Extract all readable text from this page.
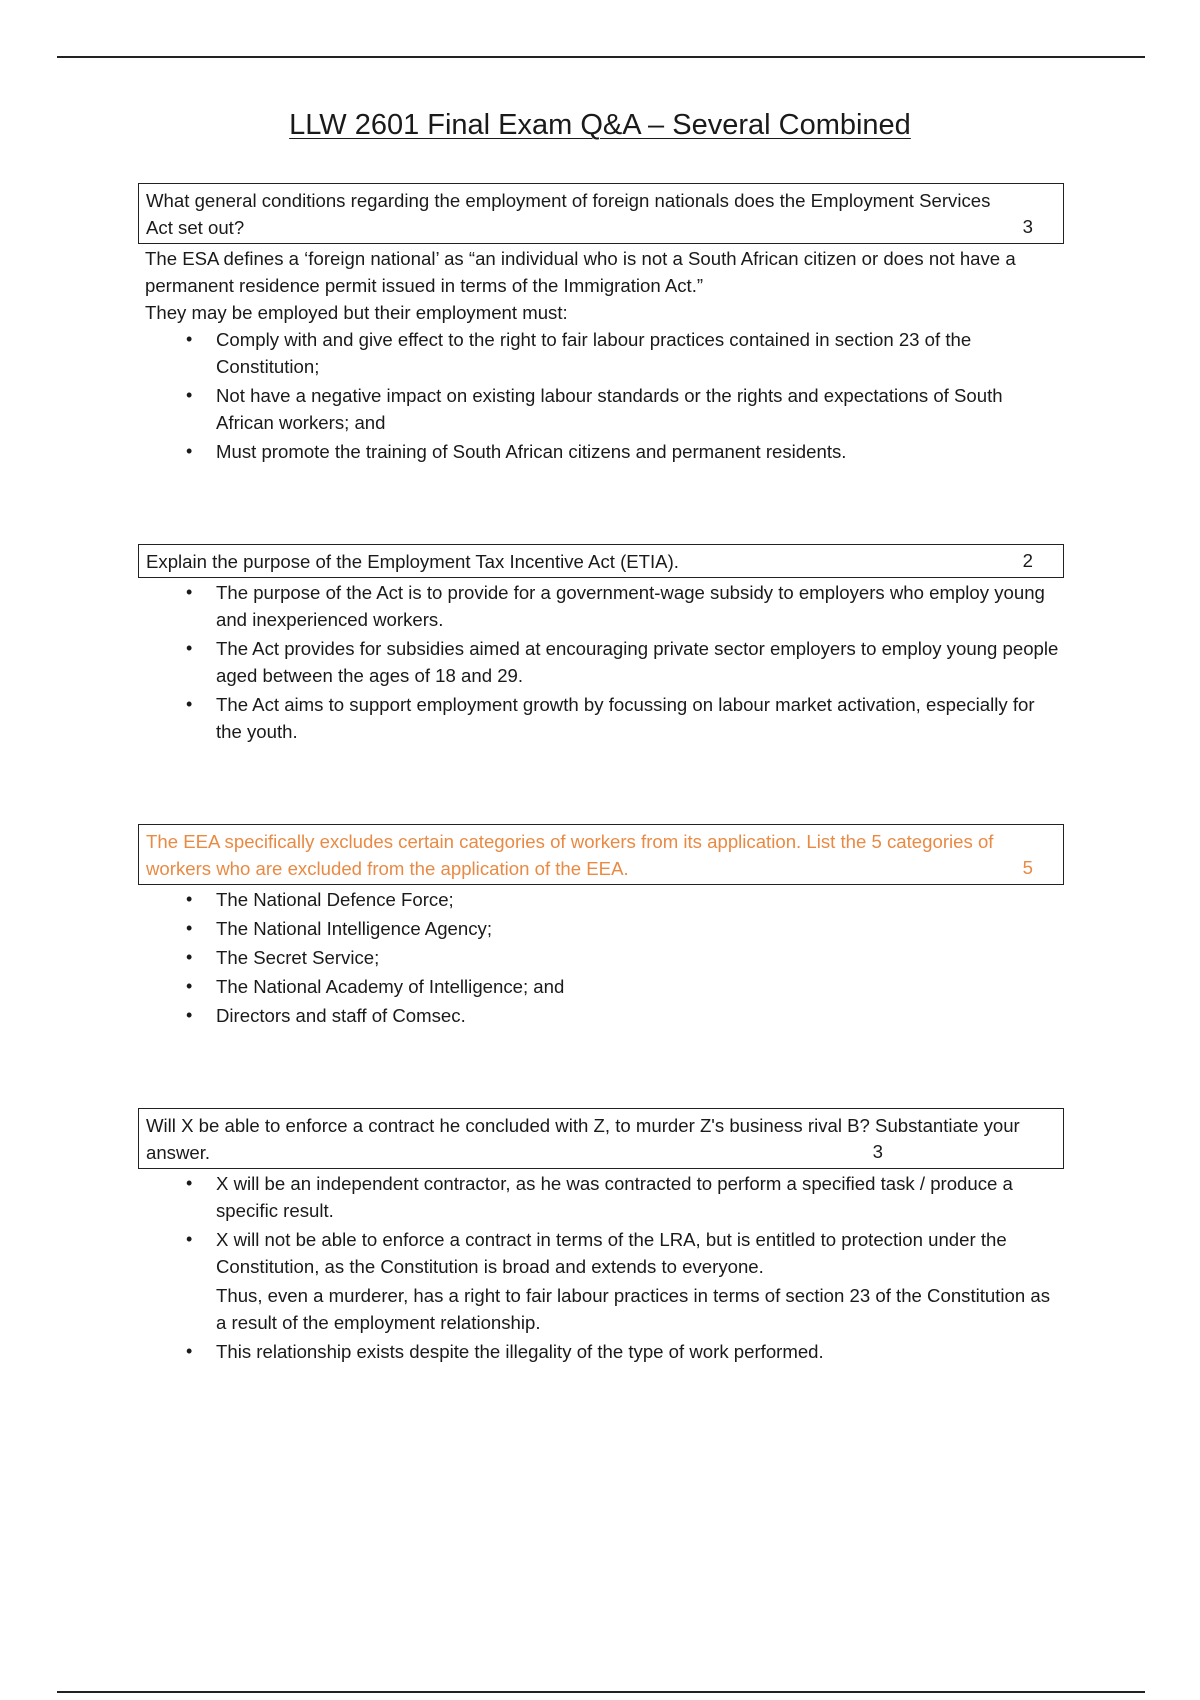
LLW 2601 Final Exam Q&A – Several Combined
What general conditions regarding the employment of foreign nationals does the Employment Services Act set out?	3

The ESA defines a ‘foreign national’ as “an individual who is not a South African citizen or does not have a permanent residence permit issued in terms of the Immigration Act.”

They may be employed but their employment must:

• Comply with and give effect to the right to fair labour practices contained in section 23 of the Constitution;
• Not have a negative impact on existing labour standards or the rights and expectations of South African workers; and
• Must promote the training of South African citizens and permanent residents.
Explain the purpose of the Employment Tax Incentive Act (ETIA).	2
• The purpose of the Act is to provide for a government-wage subsidy to employers who employ young and inexperienced workers.
• The Act provides for subsidies aimed at encouraging private sector employers to employ young people aged between the ages of 18 and 29.
• The Act aims to support employment growth by focussing on labour market activation, especially for the youth.
The EEA specifically excludes certain categories of workers from its application. List the 5 categories of workers who are excluded from the application of the EEA.	5
• The National Defence Force;
• The National Intelligence Agency;
• The Secret Service;
• The National Academy of Intelligence; and
• Directors and staff of Comsec.
Will X be able to enforce a contract he concluded with Z, to murder Z's business rival B? Substantiate your answer.	3
• X will be an independent contractor, as he was contracted to perform a specified task / produce a specific result.
• X will not be able to enforce a contract in terms of the LRA, but is entitled to protection under the Constitution, as the Constitution is broad and extends to everyone.

Thus, even a murderer, has a right to fair labour practices in terms of section 23 of the Constitution as a result of the employment relationship.

• This relationship exists despite the illegality of the type of work performed.
